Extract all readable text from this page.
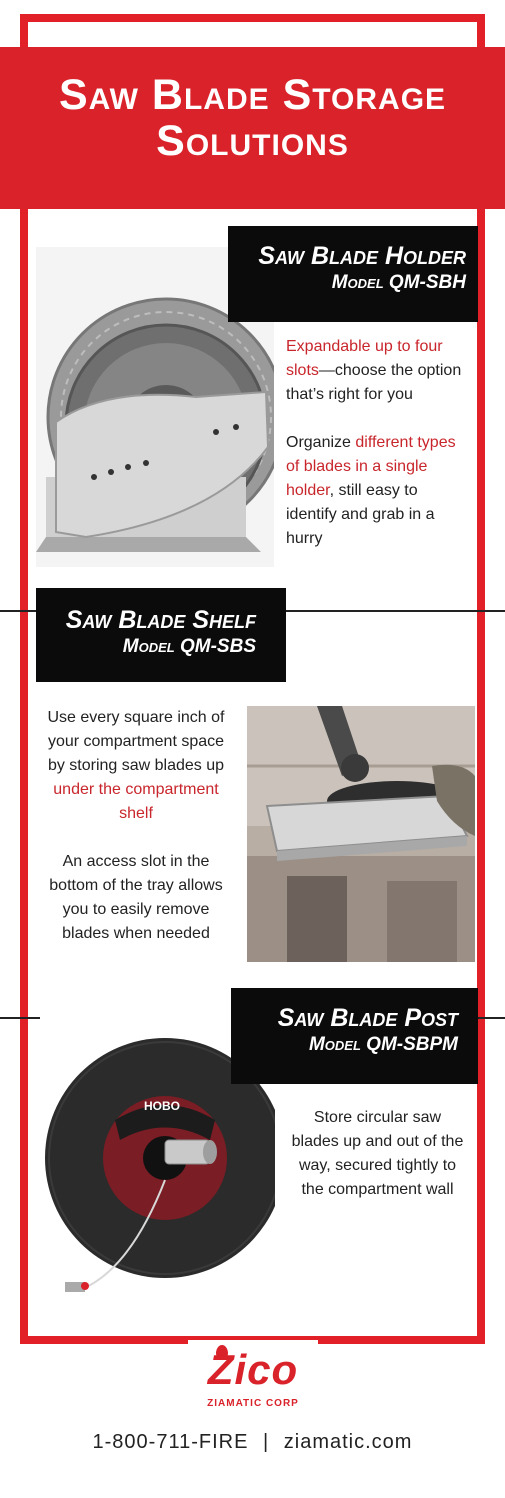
Saw Blade Storage Solutions
Saw Blade Holder
Model QM-SBH

Expandable up to four slots—choose the option that’s right for you

Organize different types of blades in a single holder, still easy to identify and grab in a hurry

Saw Blade Shelf
Model QM-SBS

Use every square inch of your compartment space by storing saw blades up under the compartment shelf

An access slot in the bottom of the tray allows you to easily remove blades when needed

HOBO
Saw Blade Post
Model QM-SBPM

Store circular saw blades up and out of the way, secured tightly to the compartment wall

Zico
ZIAMATIC CORP
1-800-711-FIRE | ziamatic.com
